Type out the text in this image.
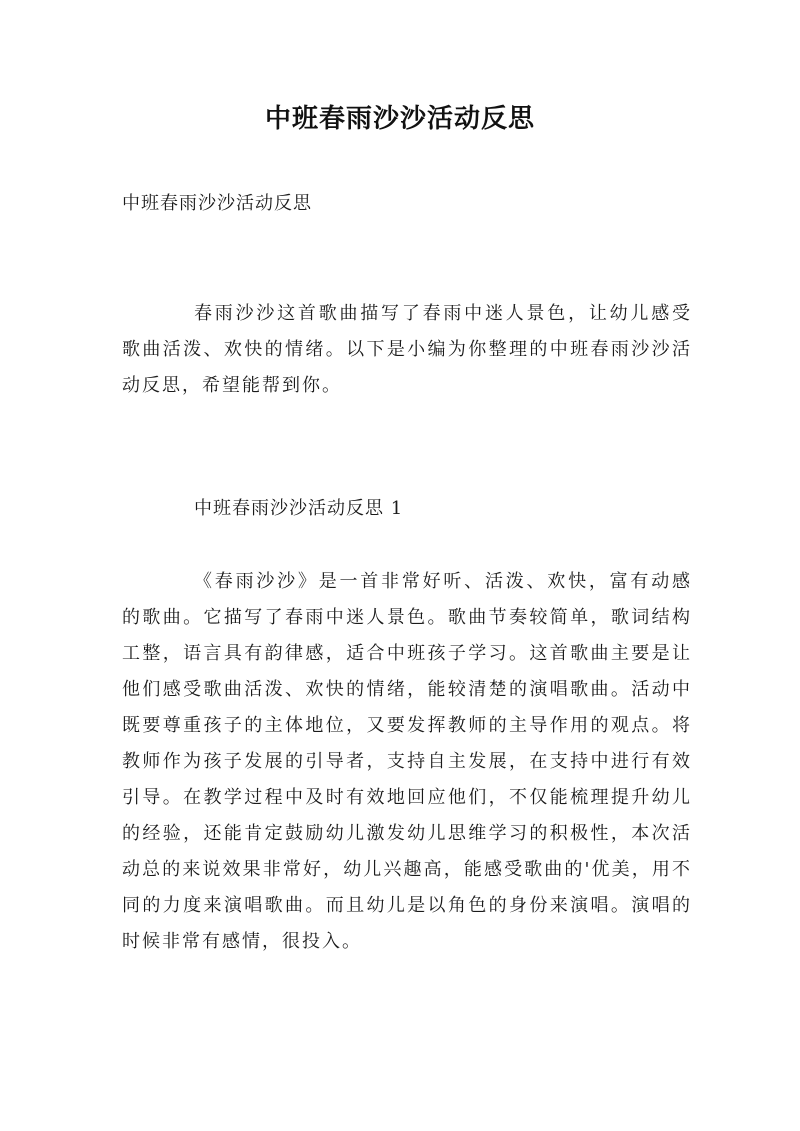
中班春雨沙沙活动反思
中班春雨沙沙活动反思

春雨沙沙这首歌曲描写了春雨中迷人景色，让幼儿感受歌曲活泼、欢快的情绪。以下是小编为你整理的中班春雨沙沙活动反思，希望能帮到你。

中班春雨沙沙活动反思 1

《春雨沙沙》是一首非常好听、活泼、欢快，富有动感的歌曲。它描写了春雨中迷人景色。歌曲节奏较简单，歌词结构工整，语言具有韵律感，适合中班孩子学习。这首歌曲主要是让他们感受歌曲活泼、欢快的情绪，能较清楚的演唱歌曲。活动中既要尊重孩子的主体地位，又要发挥教师的主导作用的观点。将教师作为孩子发展的引导者，支持自主发展，在支持中进行有效引导。在教学过程中及时有效地回应他们，不仅能梳理提升幼儿的经验，还能肯定鼓励幼儿激发幼儿思维学习的积极性，本次活动总的来说效果非常好，幼儿兴趣高，能感受歌曲的'优美，用不同的力度来演唱歌曲。而且幼儿是以角色的身份来演唱。演唱的时候非常有感情，很投入。
